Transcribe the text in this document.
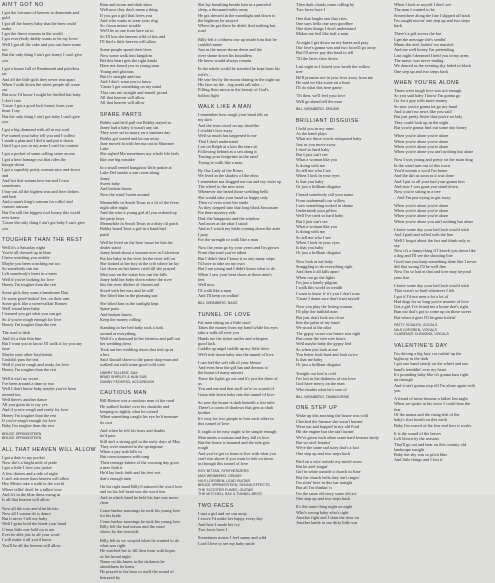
AIN'T GOT NO
I got the fortunes of heaven in diamonds and
gold
I got all the honey baby that the bees could
make
I got the finest women in the world
I got everybody daddy wants to be my lover
Well I got all the cake and you can have some
too
But the only thing I ain't got honey I can't give
you
I got a house full of Rembrandt and priceless
art
And all the little girls they never tear apart
When I walk down the street people all come
out
But now I'd know I might be thrilled but baby
I don't care
'Cause I got a good luck honey from your
heart I say
But the only thing I ain't got baby I can't give
you
I got a big diamond with all in my soul
I've turned your baby tell you and I collect
I made a plan and I did it and put it down
Until I got you in my arms I can't be content
I got a pocket of some rolling stone on me
I got a hero homage cut that rides the
boogie down
I got a superbly pretty woman nice and down
and
And hot that wanna love me and I own
sometimes
I buy out all the highest teas and fine clothes
and heat
And a man's king's ransom for rollin' and
content ransom
But I'm still the biggest fool honey this world
ever knew
'Cause the only thing I ain't got baby I can't give
you
TOUGHER THAN THE REST
Well it's a Saturday night
You're all dressed up in blue
I been watching you awhile
Maybe you been watching me too
So somebody ran out
Left somebody's heart in a mess
Well if you're looking for love
Honey I'm tougher than the rest
Some girls they want a handsome Dan
Or some good-lookin' Joe, on their arm
Some girls like a sweet-talkin' Romeo
Well 'round here baby
I learned you get what you can get
So if you're rough enough for love
Honey I'm tougher than the rest
The road is dark
And it's a thin thin line
But I want you to know I'll walk it for you any
time
Maybe your other boyfriends
Couldn't pass the test
Well if you're rough and ready for love
Honey I'm tougher than the rest
Well it ain't no secret
I've been around a time or two
Well I don't know baby maybe you've been
around too
Well there's another dance
All you gotta do is say yes
And if you're rough and ready for love
Honey I'm tougher than the rest
If you're rough enough for love
Baby I'm tougher than the rest
BRUCE SPRINGSTEEN
BRUCE SPRINGSTEEN
ALL THAT HEAVEN WILL ALLOW
I got a date to my pocket
Now she's a bright mile of pride
I got a little I love you jacket
A few daisies and a ride of night
I can't ask more than heaven will allow
Hey Mister take a walk in the world
Where tellin' don't be a talkin' now
And it's in the blue dress swing in
Is all that heaven will allow
Now all the rose and slim blocks
Now all I wanna do is dance
But it never I tell my baby
Well I gotta hold the blade your hand
C'mon little one hold on to me
Ever be able just to all your word
I will make it all you'd know
You'll be all the heaven will allow
Rain and storm and dark skies
Well now they don't mean a thing
If you got a girl that loves you
And who wants to wear your ring
So c'mon mister trouble
We'll be as one from here on in
So I'll kiss the heaven wild of ties and
I'll find a little heaven will allow
Some people spend their lives
Now some walk into kingdom
Bet this heart gets the right kinda
Have not found you in young man
Young and glorious
But it's straight and true
And I don't want you to know
'Cause I got something on my mind
That cuts me straight and stands' proud
All that heaven will allow
All that heaven will allow
SPARE PARTS
Bobby said he'd pull out Bobby stayed in
Janey had a baby it wasn't any sin
They were set to marry on a summer day
Bobby got scared and he ran away
Jane moved in with her ma out in Shawnee
Lake
She sighed Ma sometimes my whole life feels
like one big mistake
In a small rented bungalow little junkie at
Lake Del smoke a sun come along
Janey
Sweet baby
And broken hearts
Now the wind 'tween around
Meanwhile in South Texas in a fit of the fever
night after night
And the wire a young girl all you ordered up
the party boys
Meanwhile in South Texas in a dirty oil patch
Bobby heard 'bout a girl in a hand bad
patch
Well he lived on the beat 'cause he hits the
dealer stand
Janey heard about a woman over in Calverton
Put her baby in the river let the river roll on
She looked at her boy in the crib where he lay
Got down on her knees cried till she prayed
Mist was on the water low run the hills
Janey held her baby down where the river
hits the river ditches of chosen rail
Stood with her ears and he still
She lifted him in the pleasing sun
She lifted him in the sunlight kept
Spare parts
And broken hearts
Keep the money rolling
Standing in her bed baby took a look
around at everything
Well it's a diamond in her fairness and pull out
her wedding dress
Took out her wedding shoes that tied up in
a box
Said 'should shove to the pawn shop man and
walked out with some good cold cash
HARRY TALLENT, SAX
BRAD SHIRLEY & HUB SUB
DANNY FEDERICI, ACCORDION
CAUTIOUS MAN
Bill Horton was a cautious man of the road
He walked lookin' over his shoulder and
keeping so tightly what he owned
When something caught his eye he'd measure
its cost
And when he felt his fears and doubts
he'd pass
Still ain't a strong girl in the early days of May
They were married in the springtime
When a pay stub bills in
But consciousness with rang
Their teenage babies of the crossing day grow
a new faith it
He'd lay back faith and his feet wet
that's enough time
On his right hand Billy'd tattooed the word love
and on his left hand was the word fear
And in which hand he held his fate was never
clear
Come harbor mornings he took his young love
for his bride
Come harbor mornings he took his young love
Billy felt the bad reason and the wind
shows by the riverside
Billy felt as we swayed when he wanted to do
what was right
He watched her to fill then from with hopes
as the broad night
Name on his knees in the darkness he
ahouldness he knew
He prayed to the boss in itself the sound of
betrayed by
She lay breathing beside him in a peaceful
sleep, a thousand miles away
He got dressed in the moonlight and down to
the highway he strayed
Where he got there he didn't find nothing but
road
Billy felt a coldness rise up inside him that he
couldn't name
Just as the moon shone down and the
river shone down his boundless
He knew would always remain
In the whole world he traveled he kept from his
wife's ...
He saw her by the moon shining in the night up
His face on the ...ing roads tall tales ...
Filling flour moon in the beauty of God's
hollow light
WALK LIKE A MAN
I remember how rough your hand felt on
my skin
And the tears stood on my shoulder
I couldn't face away
Well so much has happened to me
That I don't understand
I sat on Ralph at a kiss the tears sit
Following behind as a sea along it
Tracing your footprints in the sand
Trying to walk like a man
By Our Lady of the Roses
We lived in the shadow of the elms
I remember ma dragged me out and my sister up
The wheel to the new trees
Whenever she heard those wedding bells
She would take your hand so happy only
Then ca' even wore her smile
As they stepped into that long black limousine
For their mystery ride
Dad, the lampposts and the window
And asses at the altar I stood
And as I watch my bride coming down the aisle
I pray
For the strength to walk like a man
Now the years go by your years and I'm grown
From that road you've taken
But I didn't then I know it as any many steps
I'd have to take on my own
But I am young and I didn't know what to do
When I saw your bent shoes at those men's
feet
Well now
I'll walk like a man
And I'll keep on walkin'
BILL WEINBERG, BASS
TUNNEL OF LOVE
Fat man sitting on a little stool
Takes the money from my hand while his eyes
take a walk all over you
Hands me the ticket smiles and whispers
good luck
Cuddle up angel cuddle up my little dove
We'll ride down baby into the tunnel of love
I can feel the soft silk of your blouse
And even hear the girl hat and dreams to
the house of many mirrors
Tease the lights go out and it's just the three of
us
You and me and that stuff we're so scared of
Gotta ride down baby into the tunnel of love
So now the house is dark beneath a lost mile
There's a room of shadows that gets so dark
brother
It's easy for two people to lose each other in
this tunnel of love
It ought to be easy ought to be simple enough
Man meets a woman and they fall in love
But the house is haunted and the ride gets
rough
And you've got to learn to live with what you
can't rise above if you want to ride on down
in through this tunnel of love
ROY BITTAN, SYNTHESIZERS
MAX WEINBERG, DRUMS
NILS LOFGREN, LEAD GUITAR
BRUCE SPRINGSTEEN, SOUND EFFECTS
THE SCOOTER FUMES, GUITAR
THE MITCHELL SAX & TUNNEL BROS
TWO FACES
I met a girl and we ran away
I swore I'd make her happy every day
And how I made her cry
Two faces have I
Sometimes mister I feel sunny and wild
Lord I love to see my baby smile
Then dark clouds come rolling by
Two faces have I
One that laughs one that cries
One says hello one says goodbye
One does things I don't understand
Makes me feel like half a man
At night I get down on my knees and pray
Our love's gonna win and two faces'll go away
But I'll never pay this bead to tell
'Til the faces slow down
Last night as I kissed you 'neath the willow
tree
He'll promise me in your love away from me
He said we like some on a hunt
I'll do what this here game
'Til then, we'll feel your love
Well go ahead tell the man
BILL WEINBERG, DRUMS
BRILLIANT DISGUISE
I hold you in my arms
As the band plays
What are those words whispered baby
Just as you move away
I tried so hard baby
But I just can't see
What a woman like you
Is doing with me
So tell me who I see
When I look in your eyes
Is that you baby
Or just a brilliant disguise
I heard somebody call your name
From underneath our willow
I saw something tucked in shame
Underneath your pillow
Well I've tried so hard baby
But I just can't see
What a woman like you
Is doing with me
So tell me who I see
When I look in your eyes
Is that you baby
Or just a brilliant disguise
Now look at me baby
Struggling to do everything right
And then it all falls apart
When out go the lights
I'm just a lonely pilgrim
I walk this world in wealth
I want to know if it's you I don't trust
'Cause I damn sure don't trust myself
Now you play the loving woman
I'll play the faithful man
But just don't look too close
Into the palm of my hand
We stood at the altar
The gypsy swore our future was right
But come the wee wee hours
Well maybe baby the gypsy lied
So when you look at me
You better look hard and look twice
Is that me baby
Or just a brilliant disguise
Tonight our bed is cold
I'm lost in the darkness of our love
God have mercy on the man
Who doubts what he's sure of
BILL WEINBERG, TAMBOURINE
ONE STEP UP
Woke up this morning the house was cold
Checked the furnace she wasn't burnin'
Went out and hopped in my old Ford
Hit the engine but she ain't turnin'
We've given each other some hard lessons lately
But we ain't learnin'
We're the same sad story that's a fact
One step up and two steps back
Bird on a wire outside my motel room
But he ain't singin'
Girl in white outside a church in June
But the church bells they ain't ringin'
I'm sittin' here in this bar tonight
But all I'm thinkin' is
I'm the same old story same old act
One step up and two steps back
It's the same thing night on night
Who's wrong baby who's right
Another fight and I slam the door on
Another battle in our dirty little war
When I look at myself I don't see
The man I wanted to be
Somewhere along the line I slipped off track
I'm caught movin' one step up and two steps
back
There's a girl across the bar
I get the message she's sendin'
Mmm she ain't lookin' too married
And me well honey I'm pretending
Last night I dreamed I held you in my arms
The music was never-ending
We danced as the evening sky faded to black
One step up and two steps back
WHEN YOU'RE ALONE
Times were tough love was not enough
So you said baby I know I'm gonna go
Go for a guy with more money
So now you're gonna let go my hand
And it ain't no news like you said
But just pretty Sister that you're no lady
They could look up in the night
But you're gonna find out some day honey
When you're alone you're alone
When you're alone you're alone
When you're alone you're alone
When you're alone you ain't nothing but alone
Now I was young and pretty on the main drag
In the wind turn out of this town
You'd scream a word I'm home
And the dirt as soon as it was done
And I put to all your bad your gonna kiss
And now I was gone you stand down
Now you're sitting in a tree
.. And I'm just trying to get away
When you're alone you're alone
When you're alone you're alone
When you're alone you're alone
When you're alone you ain't nothing but alone
I knew some day your bad luck would stick
And I paid and rolled with the line
Well I forgot about the last and think only to
say
Now it's a funny thing if I knock you down like
a dog and I'll see the shooting line
Good one you keep something done like I never
did that wrong I'll be well fine
Now I'm so bad at that and love may beyond
your line
I knew some day your bad luck would stick
That wasn't so hard whenever I felt
I got if I'd not seen a lot a lot of
Had dogs for so long you're smarter of love
Got a girl I've found me a home that's right
Run out that's got to come up on those sweet
But when it goes I'll be gone kickin'
PATTY SCIALFA, VOCALS
NILS LOFGREN, VOCALS
CLARENCE CLEMONS, VOCALS
VALENTINE'S DAY
I'm driving a big lazy car rushin' up the
highway in the dark
I got one hand steady on the wheel and one
hand's tremblin' over my heart
It's pounding baby like it's gonna bust right
on through
And it ain't gonna stop till I'm alone again with
you
A friend of mine became a father last night
When we spoke in his voice I could hear the
fear
Of the mama and the rising tide of the
baby's first breath on this earth
Baby I'm scared of the fear and how it works
It is the sound of the leaves
Left blown by the seasons
That'll go out and hear on this country old
landscape tonight
Baby the sky was so pitch blue
And little things and I lost it
